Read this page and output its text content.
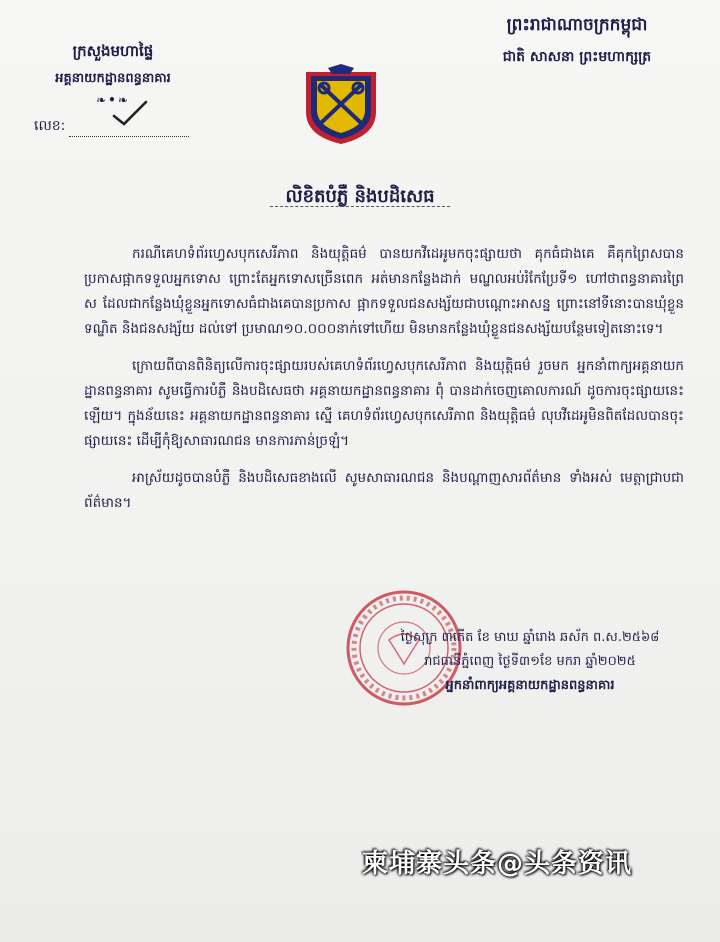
ព្រះរាជាណាចក្រកម្ពុជា
ជាតិ សាសនា ព្រះមហាក្សត្រ
ក្រសួងមហាផ្ទៃ
អគ្គនាយកដ្ឋានពន្ធនាគារ
❧•❧
លេខ:
លិខិតបំភ្លឺ និងបដិសេធ

ករណីគេហទំព័រហ្វេសបុកសេរីភាព និងយុត្តិធម៌ បានយកវីដេអូមកចុះផ្សាយថា គុកធំជាងគេ គឺគុកព្រៃសបានប្រកាសផ្អាកទទួលអ្នកទោស ព្រោះតែអ្នកទោសច្រើនពេក អត់មានកន្លែងដាក់ មណ្ឌលអប់រំកែប្រែទី១ ហៅថាពន្ធនាគារព្រៃ ស ដែលជាកន្លែងឃុំខ្លួនអ្នកទោសធំជាងគេបានប្រកាស ផ្អាកទទួលជនសង្ស័យជាបណ្ដោះអាសន្ន ព្រោះនៅទីនោះបានឃុំខ្លួនទណ្ឌិត និងជនសង្ស័យ ដល់ទៅ ប្រមាណ១០.០០០នាក់ទៅហើយ មិនមានកន្លែងឃុំខ្លួនជនសង្ស័យបន្ថែមទៀតនោះទេ។

ក្រោយពីបានពិនិត្យលើការចុះផ្សាយរបស់គេហទំព័រហ្វេសបុកសេរីភាព និងយុត្តិធម៌ រួចមក អ្នកនាំពាក្យអគ្គនាយកដ្ឋានពន្ធនាគារ សូមធ្វើការបំភ្លឺ និងបដិសេធថា អគ្គនាយកដ្ឋានពន្ធនាគារ ពុំ បានដាក់ចេញគោលការណ៍ ដូចការចុះផ្សាយនេះឡើយ។ ក្នុងន័យនេះ អគ្គនាយកដ្ឋានពន្ធនាគារ ស្នើ គេហទំព័រហ្វេសបុកសេរីភាព និងយុត្តិធម៌ លុបវីដេអូមិនពិតដែលបានចុះផ្សាយនេះ ដើម្បីកុំឱ្យសាធារណជន មានការភាន់ច្រឡំ។

អាស្រ័យដូចបានបំភ្លឺ និងបដិសេធខាងលើ សូមសាធារណជន និងបណ្ដាញសារព័ត៌មាន ទាំងអស់ មេត្តាជ្រាបជាព័ត៌មាន។

ថ្ងៃសុក្រ ៣កើត ខែ មាឃ ឆ្នាំរោង ឆស័ក ព.ស.២៥៦៨
រាជធានីភ្នំពេញ ថ្ងៃទី៣១ខែ មករា ឆ្នាំ២០២៥
អ្នកនាំពាក្យអគ្គនាយកដ្ឋានពន្ធនាគារ
柬埔寨头条@头条资讯
